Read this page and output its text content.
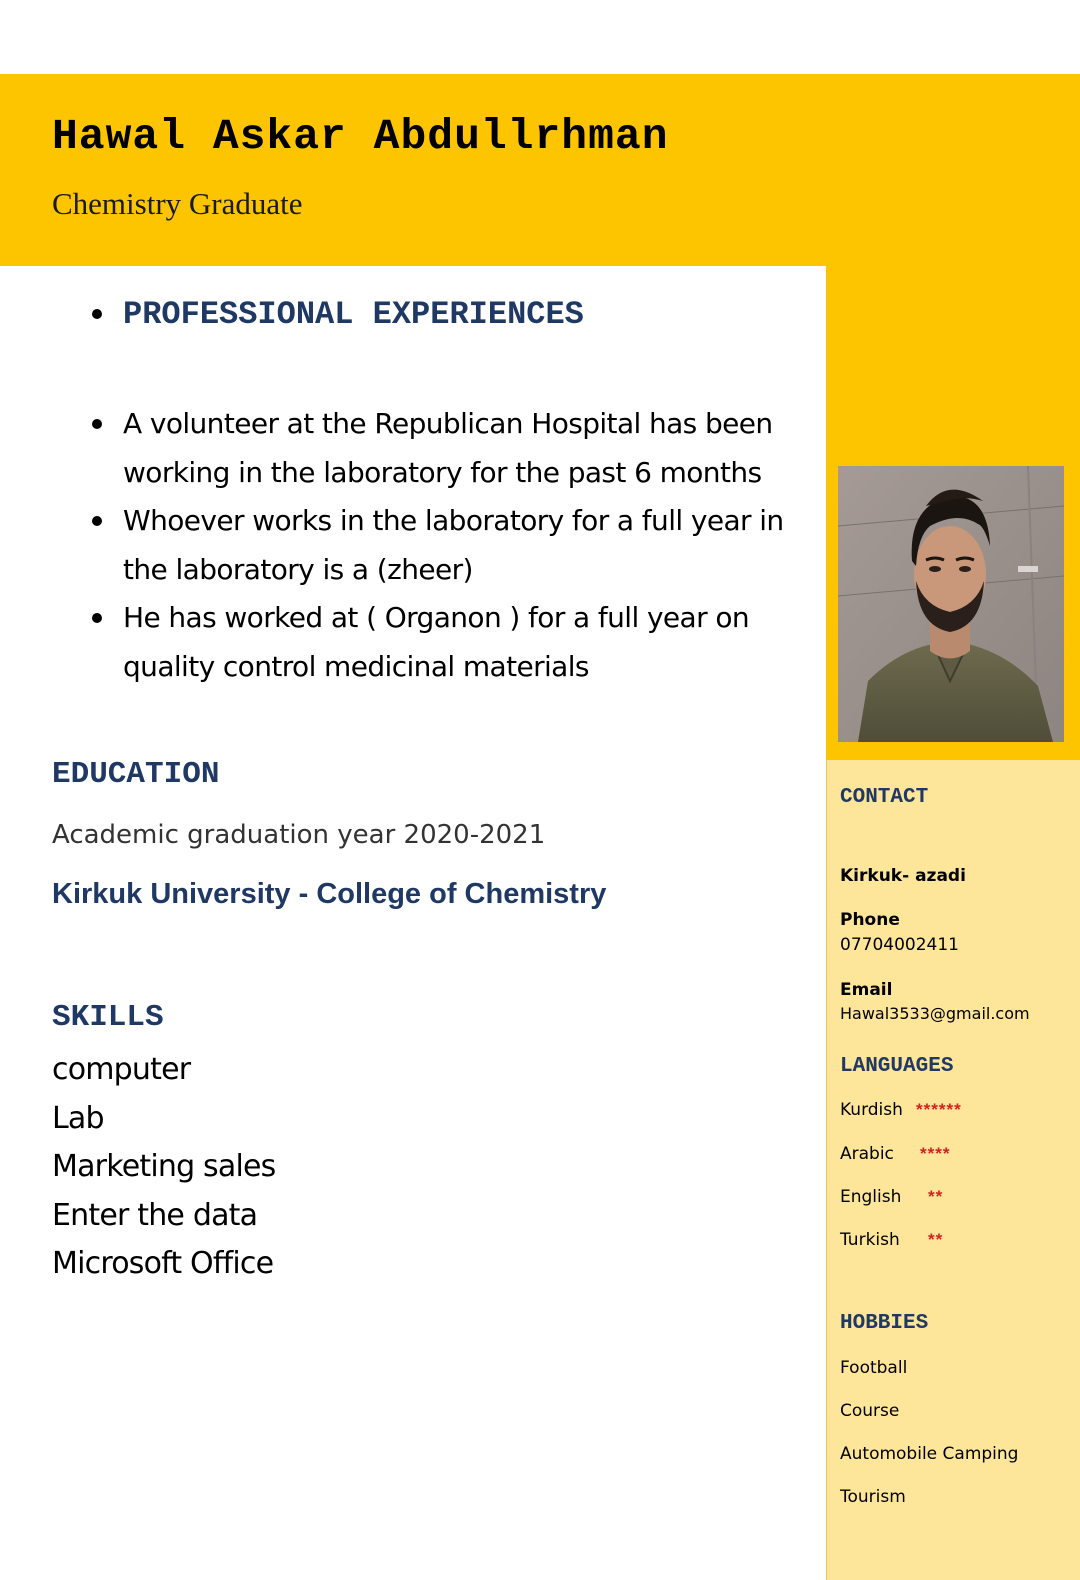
Hawal Askar Abdullrhman
Chemistry Graduate
PROFESSIONAL EXPERIENCES
A volunteer at the Republican Hospital has been working in the laboratory for the past 6 months
Whoever works in the laboratory for a full year in the laboratory is a (zheer)
He has worked at ( Organon ) for a full year on quality control medicinal materials
EDUCATION
Academic graduation year 2020-2021
Kirkuk University - College of Chemistry
SKILLS
computer
Lab
Marketing sales
Enter the data
Microsoft Office
CONTACT
Kirkuk- azadi
Phone
07704002411
Email
Hawal3533@gmail.com
LANGUAGES
Kurdish ******
Arabic ****
English **
Turkish **
HOBBIES
Football
Course
Automobile Camping
Tourism
